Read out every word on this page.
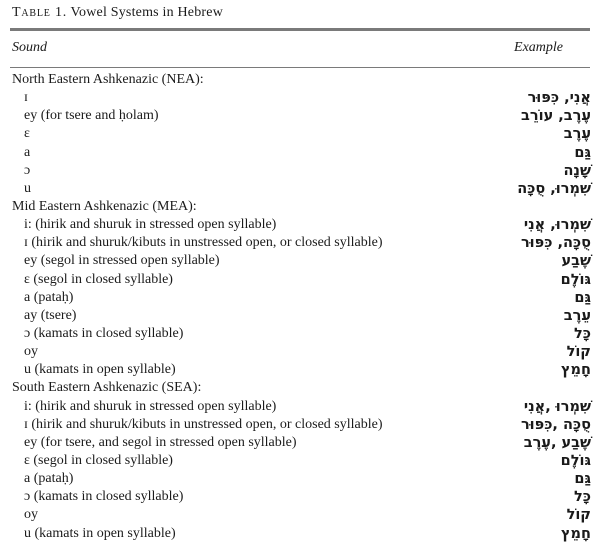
Table 1. Vowel Systems in Hebrew
Sound	Example
North Eastern Ashkenazic (NEA):
ɪ	אֲנִי, כִּפּוּר
ey (for tsere and ḥolam)	עֶרֶב, עוֹרֵב
ɛ	עֶרֶב
a	גַּם
ɔ	שָׁנָה
u	שִׁמְרוּ, סֻכָּה
Mid Eastern Ashkenazic (MEA):
i: (hirik and shuruk in stressed open syllable)	שִׁמְרוּ, אֲנִי
ɪ (hirik and shuruk/kibuts in unstressed open, or closed syllable)	סֻכָּה, כִּפּוּר
ey (segol in stressed open syllable)	שֶׁבַע
ɛ (segol in closed syllable)	גּוֹלֶם
a (pataḥ)	גַּם
ay (tsere)	עֵרֶב
ɔ (kamats in closed syllable)	כָּל
oy	קוֹל
u (kamats in open syllable)	חָמֵץ
South Eastern Ashkenazic (SEA):
i: (hirik and shuruk in stressed open syllable)	שִׁמְרוּ ,אֲנִי
ɪ (hirik and shuruk/kibuts in unstressed open, or closed syllable)	סֻכָּה ,כִּפּוּר
ey (for tsere, and segol in stressed open syllable)	שֶׁבַע ,עֶרֶב
ɛ (segol in closed syllable)	גּוֹלֶם
a (pataḥ)	גַּם
ɔ (kamats in closed syllable)	כָּל
oy	קוֹל
u (kamats in open syllable)	חָמֵץ
